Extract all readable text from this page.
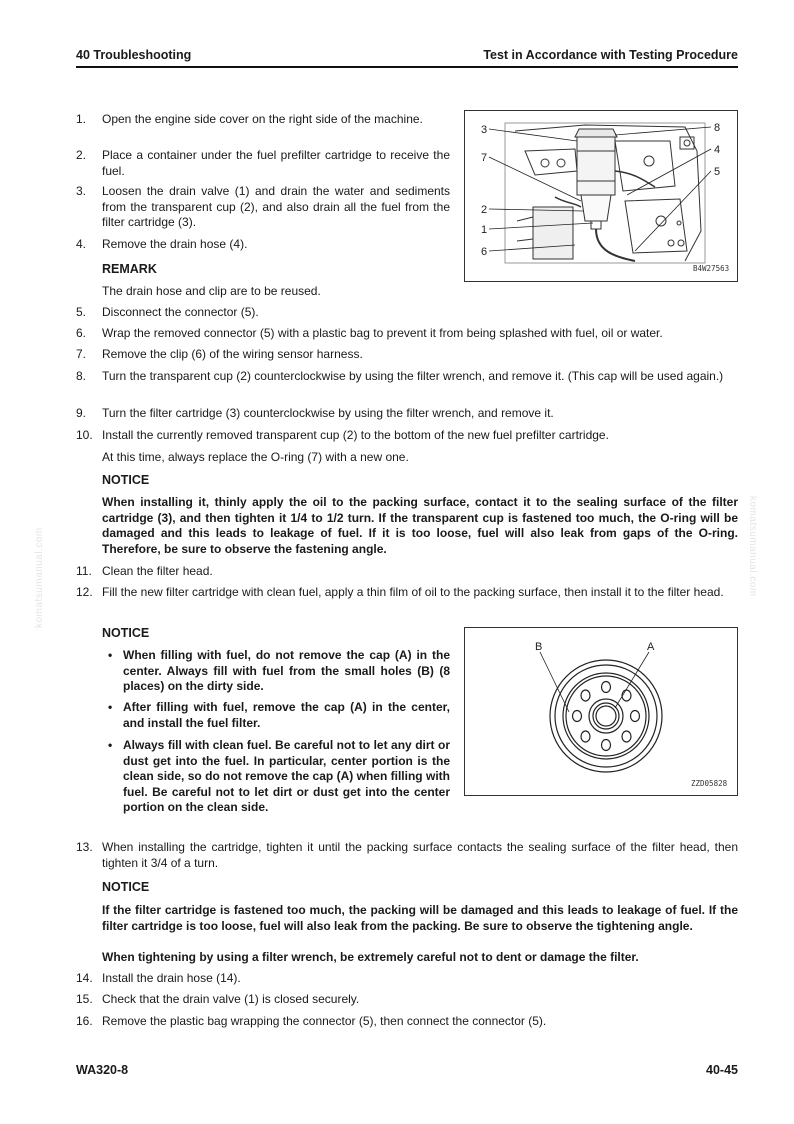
40 Troubleshooting	Test in Accordance with Testing Procedure
komatsumanual.com	komatsumanual.com
1.	Open the engine side cover on the right side of the machine.
2.	Place a container under the fuel prefilter cartridge to receive the fuel.
3.	Loosen the drain valve (1) and drain the water and sediments from the transparent cup (2), and also drain all the fuel from the filter cartridge (3).
4.	Remove the drain hose (4).
REMARK
The drain hose and clip are to be reused.
3
7
2
1
6
8
4
5
B4W27563
5.	Disconnect the connector (5).
6.	Wrap the removed connector (5) with a plastic bag to prevent it from being splashed with fuel, oil or water.
7.	Remove the clip (6) of the wiring sensor harness.
8.	Turn the transparent cup (2) counterclockwise by using the filter wrench, and remove it. (This cap will be used again.)
9.	Turn the filter cartridge (3) counterclockwise by using the filter wrench, and remove it.
10. Install the currently removed transparent cup (2) to the bottom of the new fuel prefilter cartridge.
At this time, always replace the O-ring (7) with a new one.
NOTICE
When installing it, thinly apply the oil to the packing surface, contact it to the sealing surface of the filter cartridge (3), and then tighten it 1/4 to 1/2 turn. If the transparent cup is fastened too much, the O-ring will be damaged and this leads to leakage of fuel. If it is too loose, fuel will also leak from gaps of the O-ring. Therefore, be sure to observe the fastening angle.
11. Clean the filter head.
12. Fill the new filter cartridge with clean fuel, apply a thin film of oil to the packing surface, then install it to the filter head.
NOTICE
• When filling with fuel, do not remove the cap (A) in the center. Always fill with fuel from the small holes (B) (8 places) on the dirty side.
• After filling with fuel, remove the cap (A) in the center, and install the fuel filter.
• Always fill with clean fuel. Be careful not to let any dirt or dust get into the fuel. In particular, center portion is the clean side, so do not remove the cap (A) when filling with fuel. Be careful not to let dirt or dust get into the center portion on the clean side.
B	A
ZZD05828
13. When installing the cartridge, tighten it until the packing surface contacts the sealing surface of the filter head, then tighten it 3/4 of a turn.
NOTICE
If the filter cartridge is fastened too much, the packing will be damaged and this leads to leakage of fuel. If the filter cartridge is too loose, fuel will also leak from the packing. Be sure to observe the tightening angle.
When tightening by using a filter wrench, be extremely careful not to dent or damage the filter.
14. Install the drain hose (14).
15. Check that the drain valve (1) is closed securely.
16. Remove the plastic bag wrapping the connector (5), then connect the connector (5).
WA320-8	40-45
